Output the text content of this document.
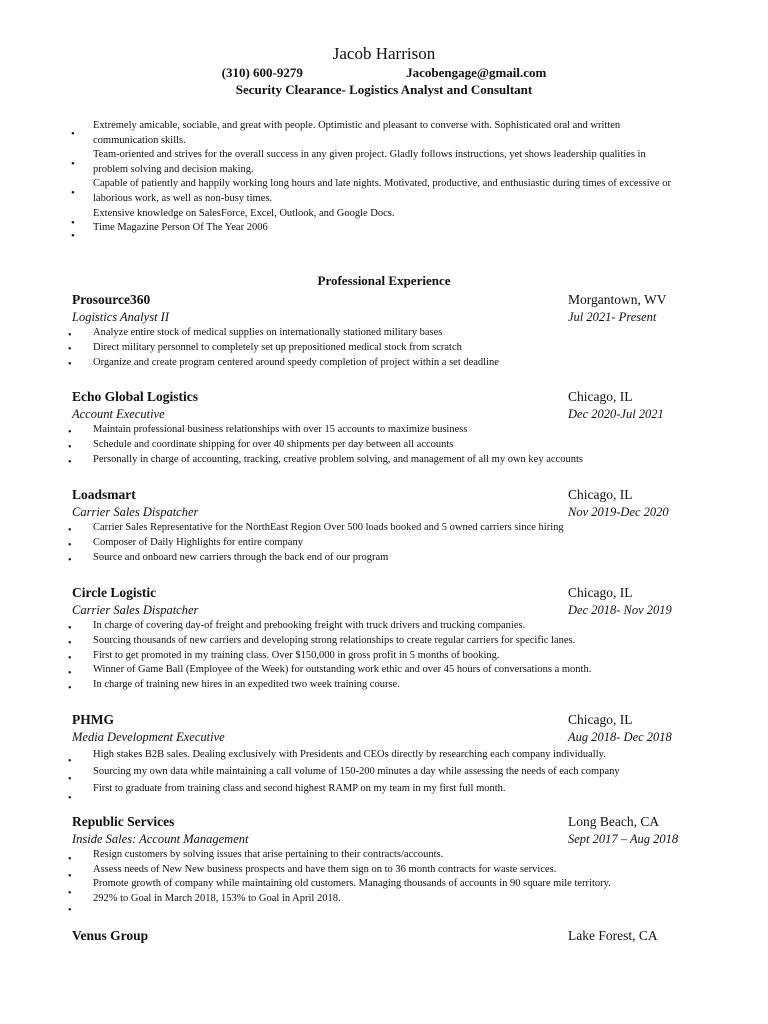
Jacob Harrison
(310) 600-9279	Jacobengage@gmail.com
Security Clearance- Logistics Analyst and Consultant
•
•
•
•
•
Extremely amicable, sociable, and great with people. Optimistic and pleasant to converse with. Sophisticated oral and written communication skills.
Team-oriented and strives for the overall success in any given project. Gladly follows instructions, yet shows leadership qualities in problem solving and decision making.
Capable of patiently and happily working long hours and late nights. Motivated, productive, and enthusiastic during times of excessive or laborious work, as well as non-busy times.
Extensive knowledge on SalesForce, Excel, Outlook, and Google Docs.
Time Magazine Person Of The Year 2006
Professional Experience
Prosource360	Morgantown, WV
Logistics Analyst II	Jul 2021- Present
•
•
•
Analyze entire stock of medical supplies on internationally stationed military bases
Direct military personnel to completely set up prepositioned medical stock from scratch
Organize and create program centered around speedy completion of project within a set deadline
Echo Global Logistics	Chicago, IL
Account Executive	Dec 2020-Jul 2021
•
•
•
Maintain professional business relationships with over 15 accounts to maximize business
Schedule and coordinate shipping for over 40 shipments per day between all accounts
Personally in charge of accounting, tracking, creative problem solving, and management of all my own key accounts
Loadsmart	Chicago, IL
Carrier Sales Dispatcher	Nov 2019-Dec 2020
•
•
•
Carrier Sales Representative for the NorthEast Region Over 500 loads booked and 5 owned carriers since hiring
Composer of Daily Highlights for entire company
Source and onboard new carriers through the back end of our program
Circle Logistic	Chicago, IL
Carrier Sales Dispatcher	Dec 2018- Nov 2019
•
•
•
•
•
In charge of covering day-of freight and prebooking freight with truck drivers and trucking companies.
Sourcing thousands of new carriers and developing strong relationships to create regular carriers for specific lanes.
First to get promoted in my training class. Over $150,000 in gross profit in 5 months of booking.
Winner of Game Ball (Employee of the Week) for outstanding work ethic and over 45 hours of conversations a month.
In charge of training new hires in an expedited two week training course.
PHMG	Chicago, IL
Media Development Executive	Aug 2018- Dec 2018
•
•
•
High stakes B2B sales. Dealing exclusively with Presidents and CEOs directly by researching each company individually.
Sourcing my own data while maintaining a call volume of 150-200 minutes a day while assessing the needs of each company
First to graduate from training class and second highest RAMP on my team in my first full month.
Republic Services	Long Beach, CA
Inside Sales: Account Management	Sept 2017 – Aug 2018
•
•
•
•
Resign customers by solving issues that arise pertaining to their contracts/accounts.
Assess needs of New New business prospects and have them sign on to 36 month contracts for waste services.
Promote growth of company while maintaining old customers. Managing thousands of accounts in 90 square mile territory.
292% to Goal in March 2018, 153% to Goal in April 2018.
Venus Group	Lake Forest, CA
